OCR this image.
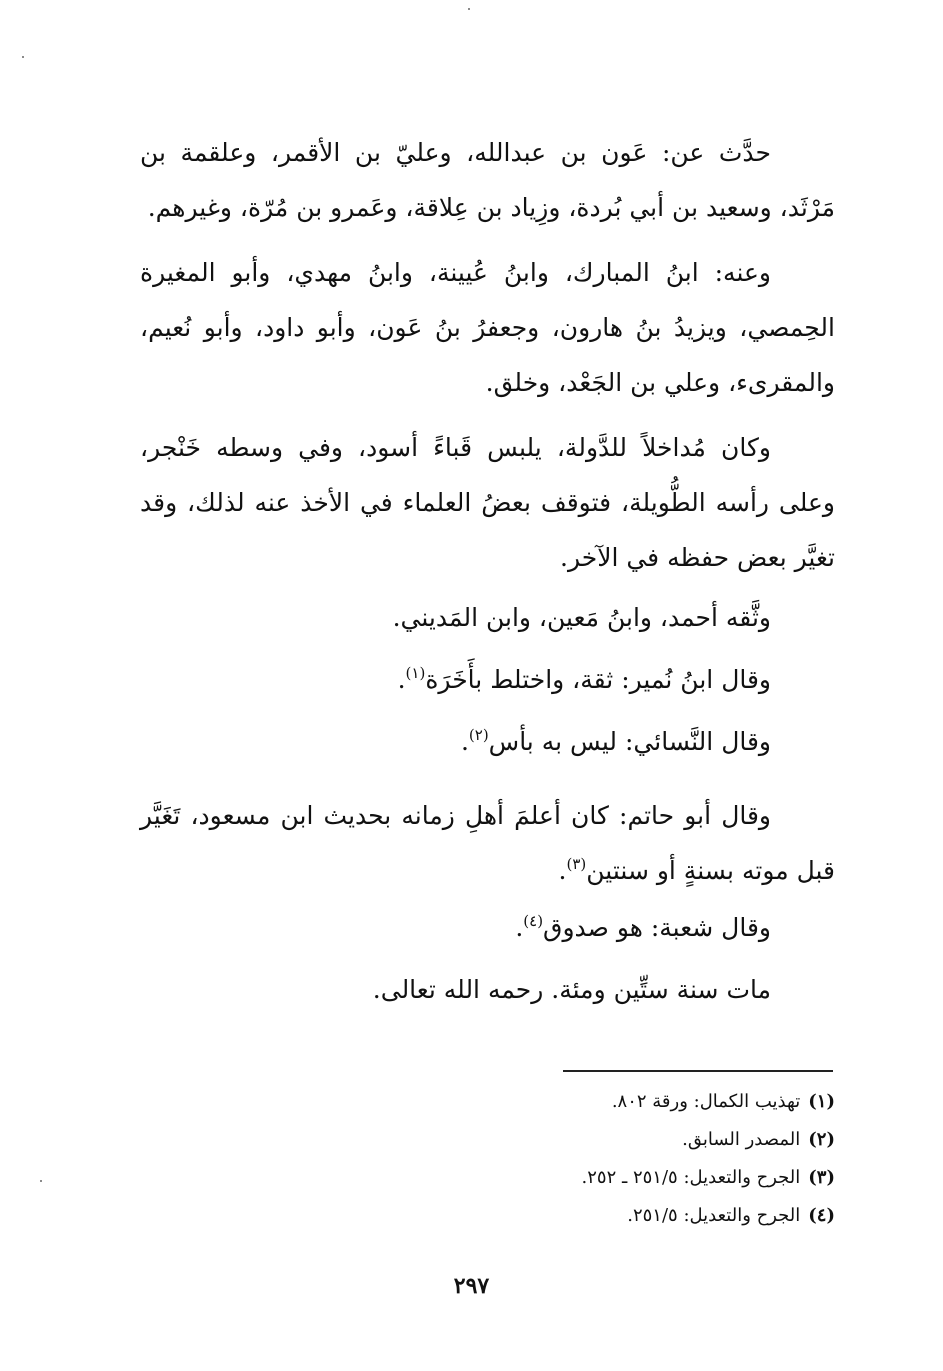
حدَّث عن: عَون بن عبدالله، وعليّ بن الأقمر، وعلقمة بن مَرْثَد، وسعيد بن أبي بُردة، وزِياد بن عِلاقة، وعَمرو بن مُرّة، وغيرهم.

وعنه: ابنُ المبارك، وابنُ عُيينة، وابنُ مهدي، وأبو المغيرة الحِمصي، ويزيدُ بنُ هارون، وجعفرُ بنُ عَون، وأبو داود، وأبو نُعيم، والمقرىء، وعلي بن الجَعْد، وخلق.

وكان مُداخلاً للدَّولة، يلبس قَباءً أسود، وفي وسطه خَنْجر، وعلى رأسه الطُّويلة، فتوقف بعضُ العلماء في الأخذ عنه لذلك، وقد تغيَّر بعض حفظه في الآخر.

وثَّقه أحمد، وابنُ مَعين، وابن المَديني.

وقال ابنُ نُمير: ثقة، واختلط بأَخَرَة$^{(١)}$.

وقال النَّسائي: ليس به بأس$^{(٢)}$.

وقال أبو حاتم: كان أعلمَ أهلِ زمانه بحديث ابن مسعود، تَغَيَّر قبل موته بسنةٍ أو سنتين$^{(٣)}$.

وقال شعبة: هو صدوق$^{(٤)}$.

مات سنة ستِّين ومئة. رحمه الله تعالى.

(١)تهذيب الكمال: ورقة ٨٠٢.
(٢)المصدر السابق.
(٣)الجرح والتعديل: ٢٥١/٥ ـ ٢٥٢.
(٤)الجرح والتعديل: ٢٥١/٥.
٢٩٧
